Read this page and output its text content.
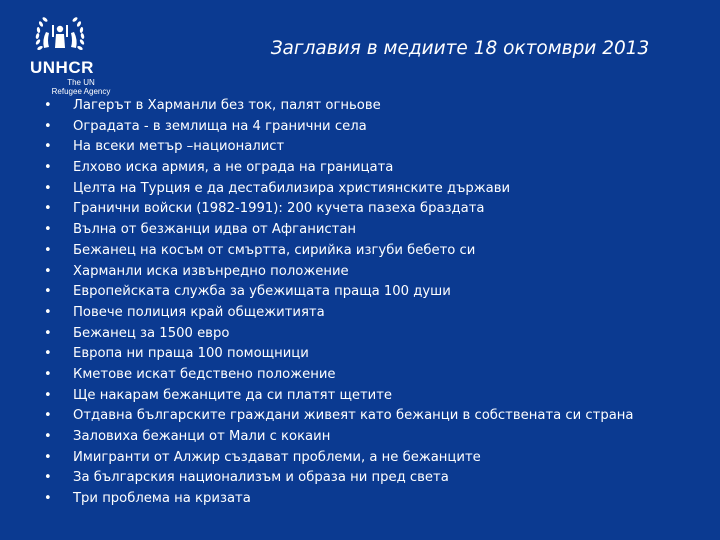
UNHCR
The UN
Refugee Agency
Заглавия в медиите 18 октомври 2013
• Лагерът в Харманли без ток, палят огньове
• Оградата - в землища на 4 гранични села
• На всеки метър –националист
• Елхово иска армия, а не ограда на границата
• Целта на Турция е да дестабилизира християнските държави
• Гранични войски (1982-1991): 200 кучета пазеха браздата
• Вълна от безжанци идва от Афганистан
• Бежанец на косъм от смъртта, сирийка изгуби бебето си
• Харманли иска извънредно положение
• Европейската служба за убежищата праща 100 души
• Повече полиция край общежитията
• Бежанец за 1500 евро
• Европа ни праща 100 помощници
• Кметове искат бедствено положение
• Ще накарам бежанците да си платят щетите
• Отдавна българските граждани живеят като бежанци в собствената си страна
• Заловиха бежанци от Мали с кокаин
• Имигранти от Алжир създават проблеми, а не бежанците
• За българския национализъм и образа ни пред света
• Три проблема на кризата
